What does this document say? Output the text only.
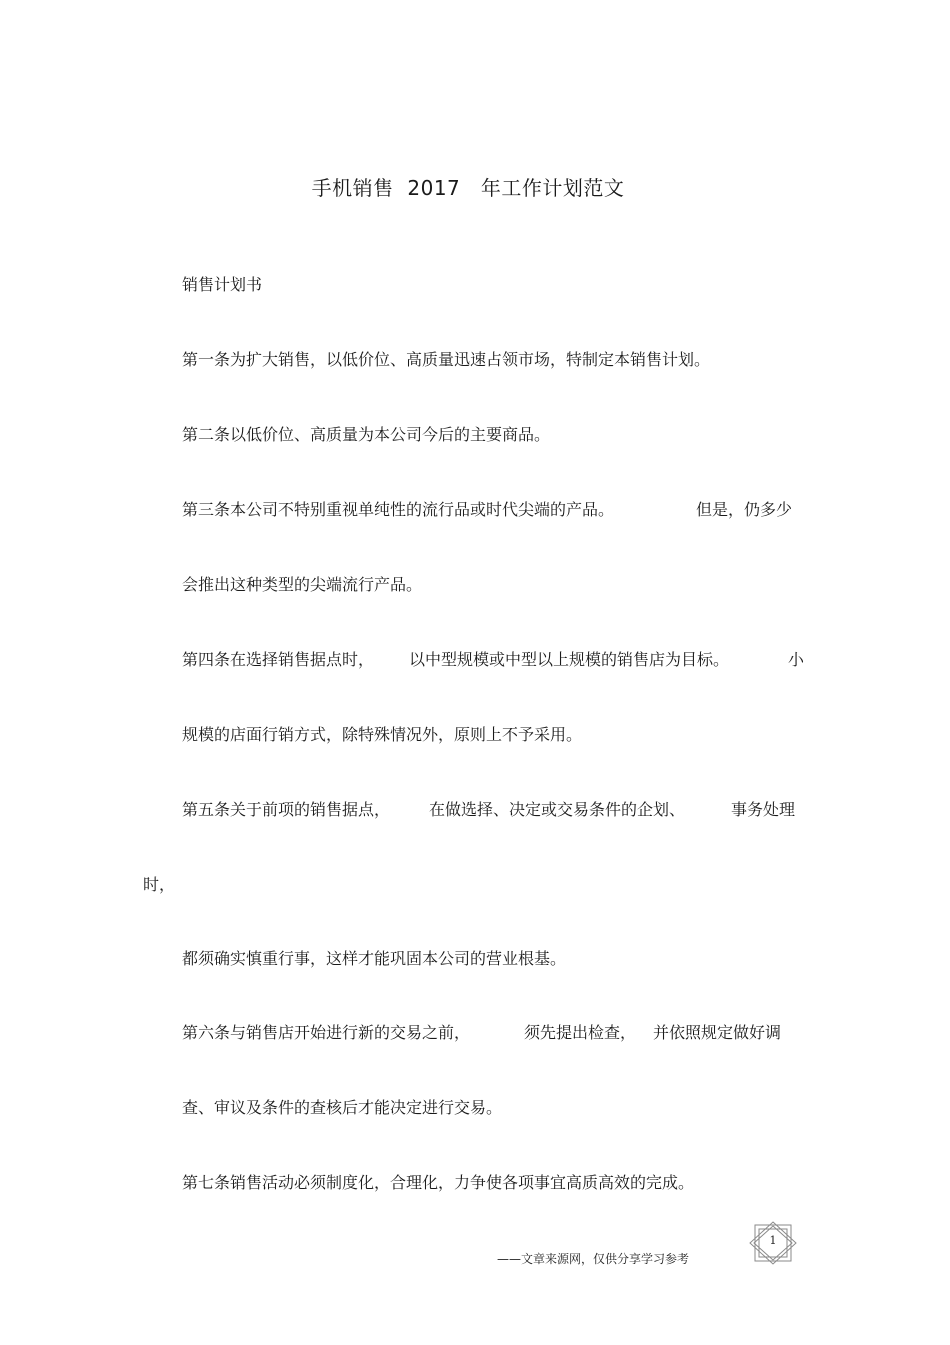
手机销售  2017   年工作计划范文
销售计划书
第一条为扩大销售，以低价位、高质量迅速占领市场，特制定本销售计划。
第二条以低价位、高质量为本公司今后的主要商品。
第三条本公司不特别重视单纯性的流行品或时代尖端的产品。	但是，仍多少
会推出这种类型的尖端流行产品。
第四条在选择销售据点时， 以中型规模或中型以上规模的销售店为目标。	小
规模的店面行销方式，除特殊情况外，原则上不予采用。
第五条关于前项的销售据点， 在做选择、决定或交易条件的企划、	事务处理
时，
都须确实慎重行事，这样才能巩固本公司的营业根基。
第六条与销售店开始进行新的交易之前，	须先提出检查， 并依照规定做好调
查、审议及条件的查核后才能决定进行交易。
第七条销售活动必须制度化，合理化，力争使各项事宜高质高效的完成。
——文章来源网，仅供分享学习参考
1
